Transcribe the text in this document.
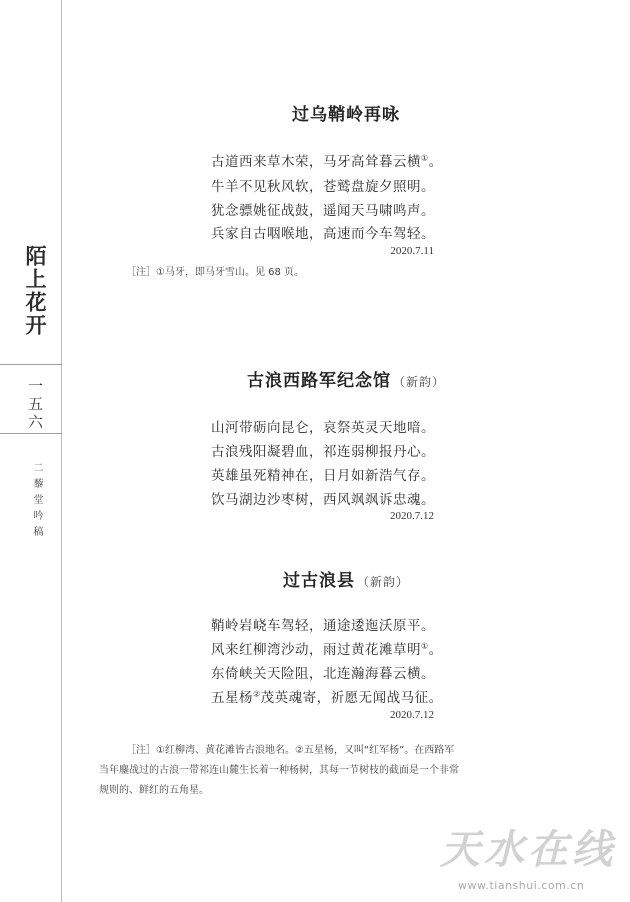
陌上花开
一五六
二藜堂吟稿
过乌鞘岭再咏
古道西来草木荣，马牙高耸暮云横①。
牛羊不见秋风软，苍鹫盘旋夕照明。
犹念骠姚征战鼓，遥闻天马啸鸣声。
兵家自古咽喉地，高速而今车驾轻。
2020.7.11
［注］①马牙，即马牙雪山。见 68 页。
古浪西路军纪念馆 （新韵）
山河带砺向昆仑，哀祭英灵天地喑。
古浪残阳凝碧血，祁连弱柳报丹心。
英雄虽死精神在，日月如新浩气存。
饮马湖边沙枣树，西风飒飒诉忠魂。
2020.7.12
过古浪县 （新韵）
鞘岭岩峣车驾轻，通途逶迤沃原平。
风来红柳湾沙动，雨过黄花滩草明①。
东倚峡关天险阻，北连瀚海暮云横。
五星杨②茂英魂寄，祈愿无闻战马征。
2020.7.12
［注］①红柳湾、黄花滩皆古浪地名。②五星杨，又叫“红军杨”。在西路军
当年鏖战过的古浪一带祁连山麓生长着一种杨树，其每一节树枝的截面是一个非常
规则的、鲜红的五角星。
天水在线
www.tianshui.com.cn
